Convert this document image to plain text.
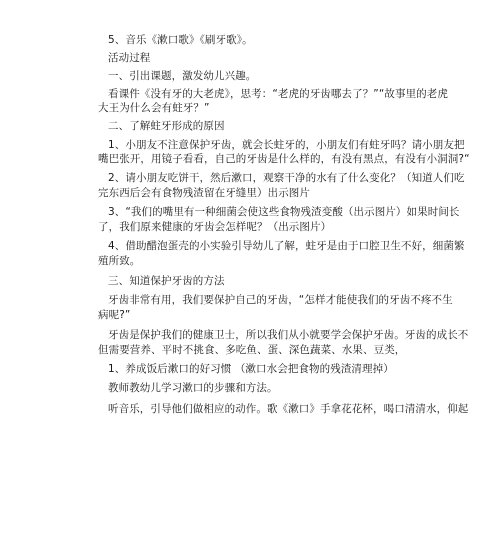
5、音乐《漱口歌》《刷牙歌》。
活动过程
一、引出课题，激发幼儿兴趣。
看课件《没有牙的大老虎》，思考：“老虎的牙齿哪去了？”“故事里的老虎
大王为什么会有蛀牙？”
二、了解蛀牙形成的原因
1、小朋友不注意保护牙齿，就会长蛀牙的，小朋友们有蛀牙吗？请小朋友把
嘴巴张开，用镜子看看，自己的牙齿是什么样的，有没有黑点，有没有小洞洞?“
2、请小朋友吃饼干，然后漱口，观察干净的水有了什么变化？（知道人们吃
完东西后会有食物残渣留在牙缝里）出示图片
3、“我们的嘴里有一种细菌会使这些食物残渣变酸（出示图片）如果时间长
了，我们原来健康的牙齿会怎样呢？（出示图片）
4、借助醋泡蛋壳的小实验引导幼儿了解，蛀牙是由于口腔卫生不好，细菌繁
殖所致。
三、知道保护牙齿的方法
牙齿非常有用，我们要保护自己的牙齿，“怎样才能使我们的牙齿不疼不生
病呢?”
牙齿是保护我们的健康卫士，所以我们从小就要学会保护牙齿。牙齿的成长不
但需要营养、平时不挑食、多吃鱼、蛋、深色蔬菜、水果、豆类，
1、养成饭后漱口的好习惯 （漱口水会把食物的残渣清理掉）
教师教幼儿学习漱口的步骤和方法。
听音乐，引导他们做相应的动作。歌《漱口》手拿花花杯，喝口清清水，仰起
